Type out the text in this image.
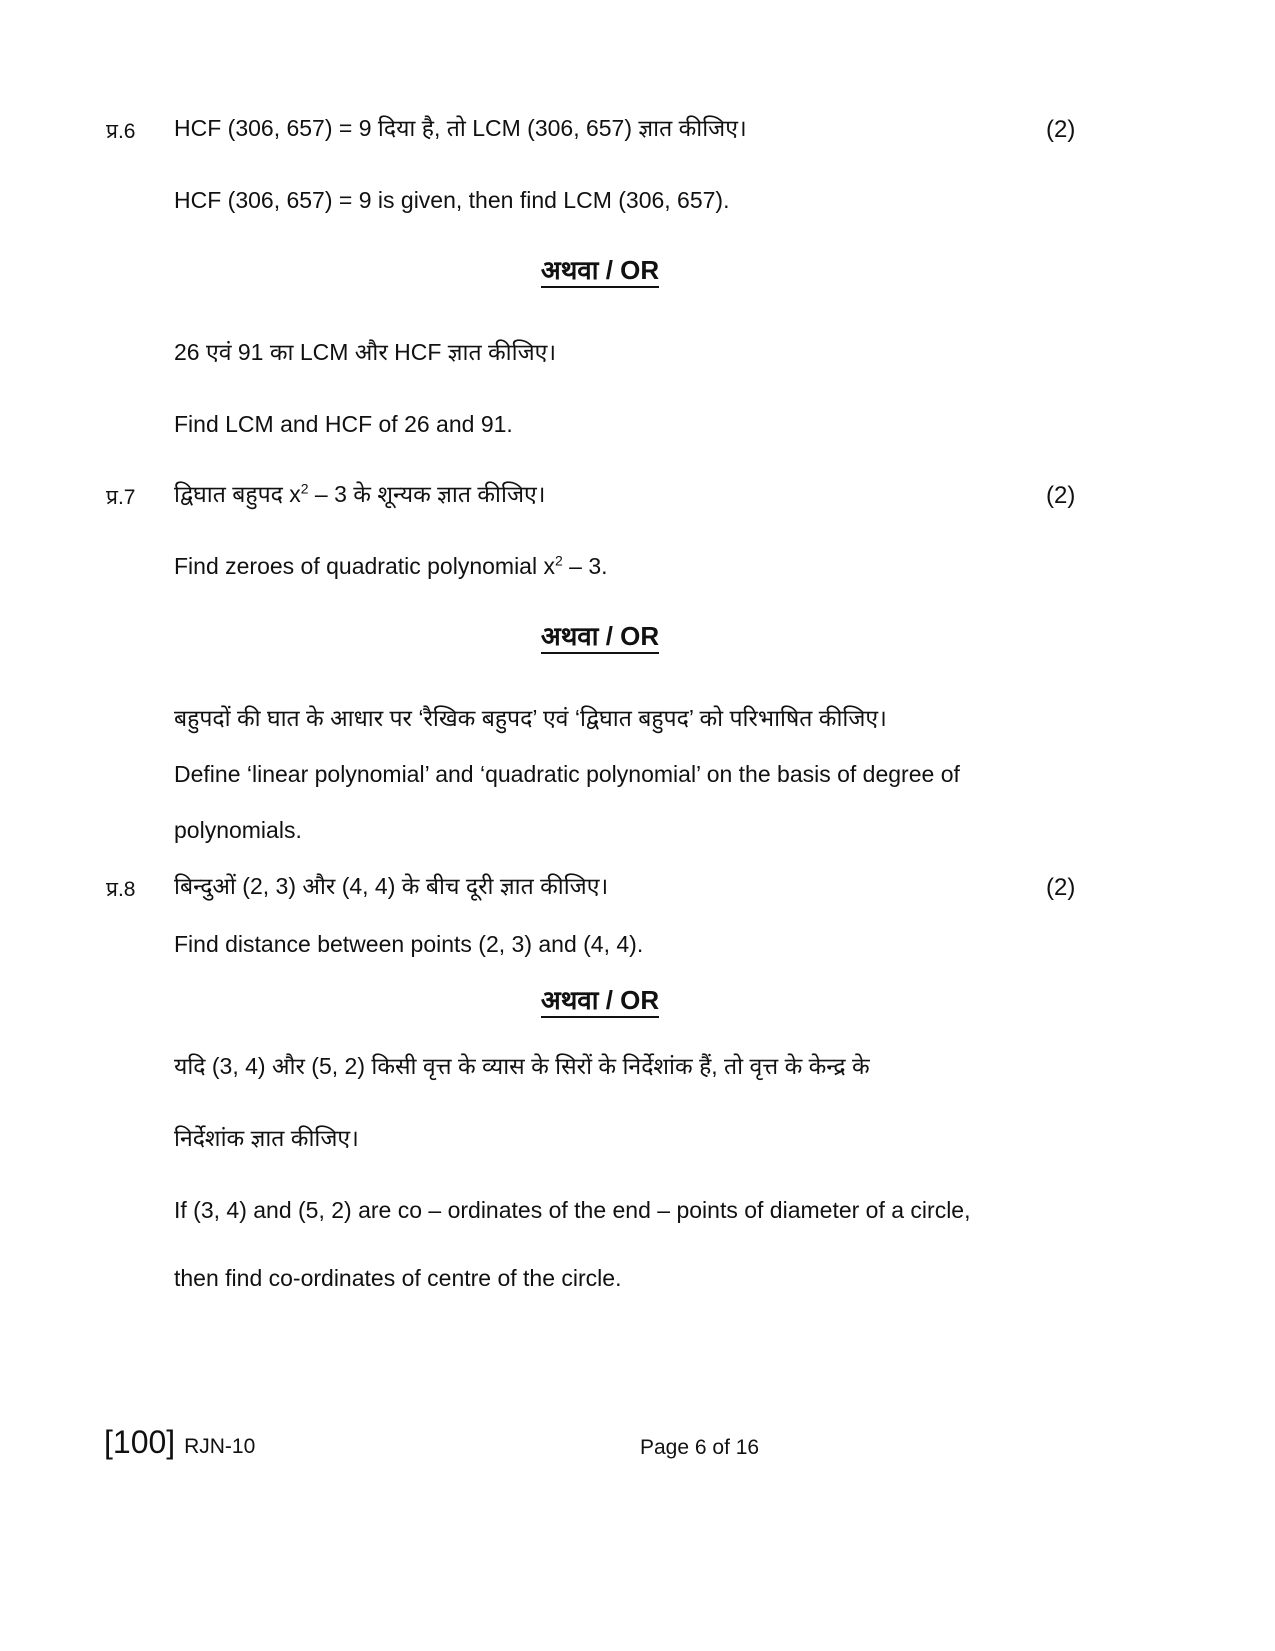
प्र.6 HCF (306, 657) = 9 दिया है, तो LCM (306, 657) ज्ञात कीजिए।	(2)
HCF (306, 657) = 9 is given, then find LCM (306, 657).
अथवा / OR
26 एवं 91 का LCM और HCF ज्ञात कीजिए।
Find LCM and HCF of 26 and 91.
प्र.7 द्विघात बहुपद $x^2 - 3$ के शून्यक ज्ञात कीजिए।	(2)
Find zeroes of quadratic polynomial $x^2 - 3$.
अथवा / OR
बहुपदों की घात के आधार पर ‘रैखिक बहुपद’ एवं ‘द्विघात बहुपद’ को परिभाषित कीजिए।
Define ‘linear polynomial’ and ‘quadratic polynomial’ on the basis of degree of
polynomials.
प्र.8 बिन्दुओं (2, 3) और (4, 4) के बीच दूरी ज्ञात कीजिए।	(2)
Find distance between points (2, 3) and (4, 4).
अथवा / OR
यदि (3, 4) और (5, 2) किसी वृत्त के व्यास के सिरों के निर्देशांक हैं, तो वृत्त के केन्द्र के
निर्देशांक ज्ञात कीजिए।
If (3, 4) and (5, 2) are co – ordinates of the end – points of diameter of a circle,
then find co-ordinates of centre of the circle.
[100] RJN-10	Page 6 of 16
